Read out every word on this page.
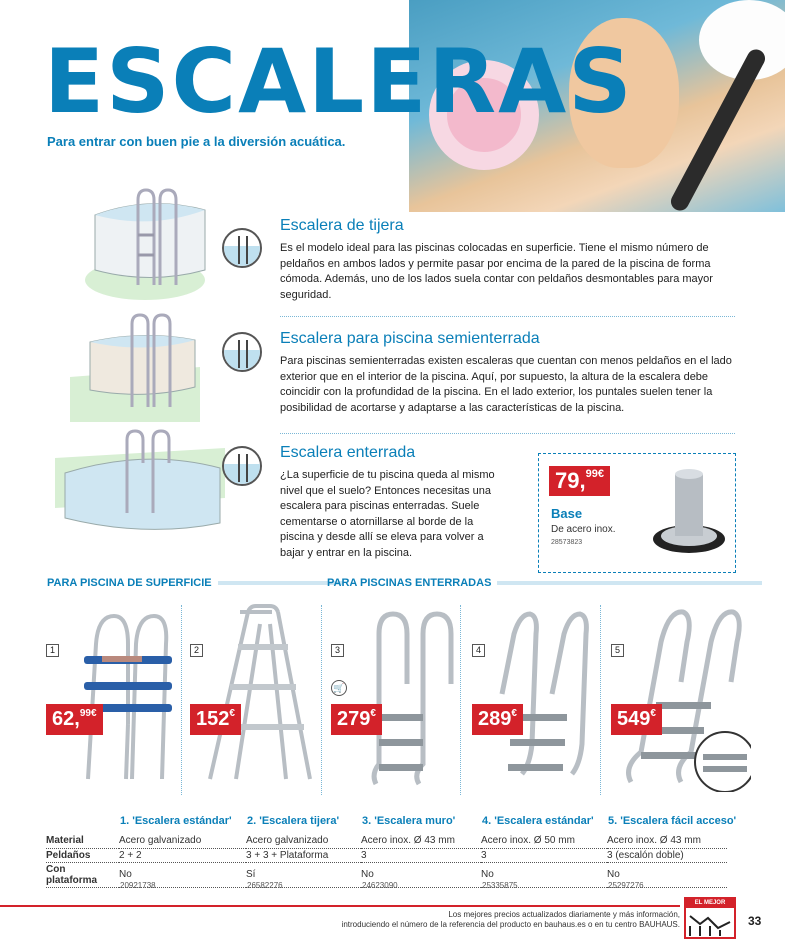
ESCALERAS
Para entrar con buen pie a la diversión acuática.
Escalera de tijera

Es el modelo ideal para las piscinas colocadas en superficie. Tiene el mismo número de peldaños en ambos lados y permite pasar por encima de la pared de la piscina de forma cómoda. Además, uno de los lados suela contar con peldaños desmontables para mayor seguridad.

Escalera para piscina semienterrada

Para piscinas semienterradas existen escaleras que cuentan con menos peldaños en el lado exterior que en el interior de la piscina. Aquí, por supuesto, la altura de la escalera debe coincidir con la profundidad de la piscina. En el lado exterior, los puntales suelen tener la posibilidad de acortarse y adaptarse a las características de la piscina.

Escalera enterrada

¿La superficie de tu piscina queda al mismo nivel que el suelo? Entonces necesitas una escalera para piscinas enterradas. Suele cementarse o atornillarse al borde de la piscina y desde allí se eleva para volver a bajar y entrar en la piscina.

79,$^{99€}$
Base
De acero inox.
28573823
PARA PISCINA DE SUPERFICIE	PARA PISCINAS ENTERRADAS
1
62,$^{99€}$
2
152€
3
🛒
279€
4
289€
5
549€
1. 'Escalera estándar' 2. 'Escalera tijera' 3. 'Escalera muro' 4. 'Escalera estándar' 5. 'Escalera fácil acceso'
Material	Acero galvanizado	Acero galvanizado	Acero inox. Ø 43 mm	Acero inox. Ø 50 mm	Acero inox. Ø 43 mm
Peldaños	2 + 2	3 + 3 + Plataforma	3	3	3 (escalón doble)
Con plataforma	No	Sí	No	No	No
20921738	26582276	24623090	25335875	25297276
Los mejores precios actualizados diariamente y más información,
introduciendo el número de la referencia del producto en bauhaus.es o en tu centro BAUHAUS.
EL MEJOR PRECIO
33
